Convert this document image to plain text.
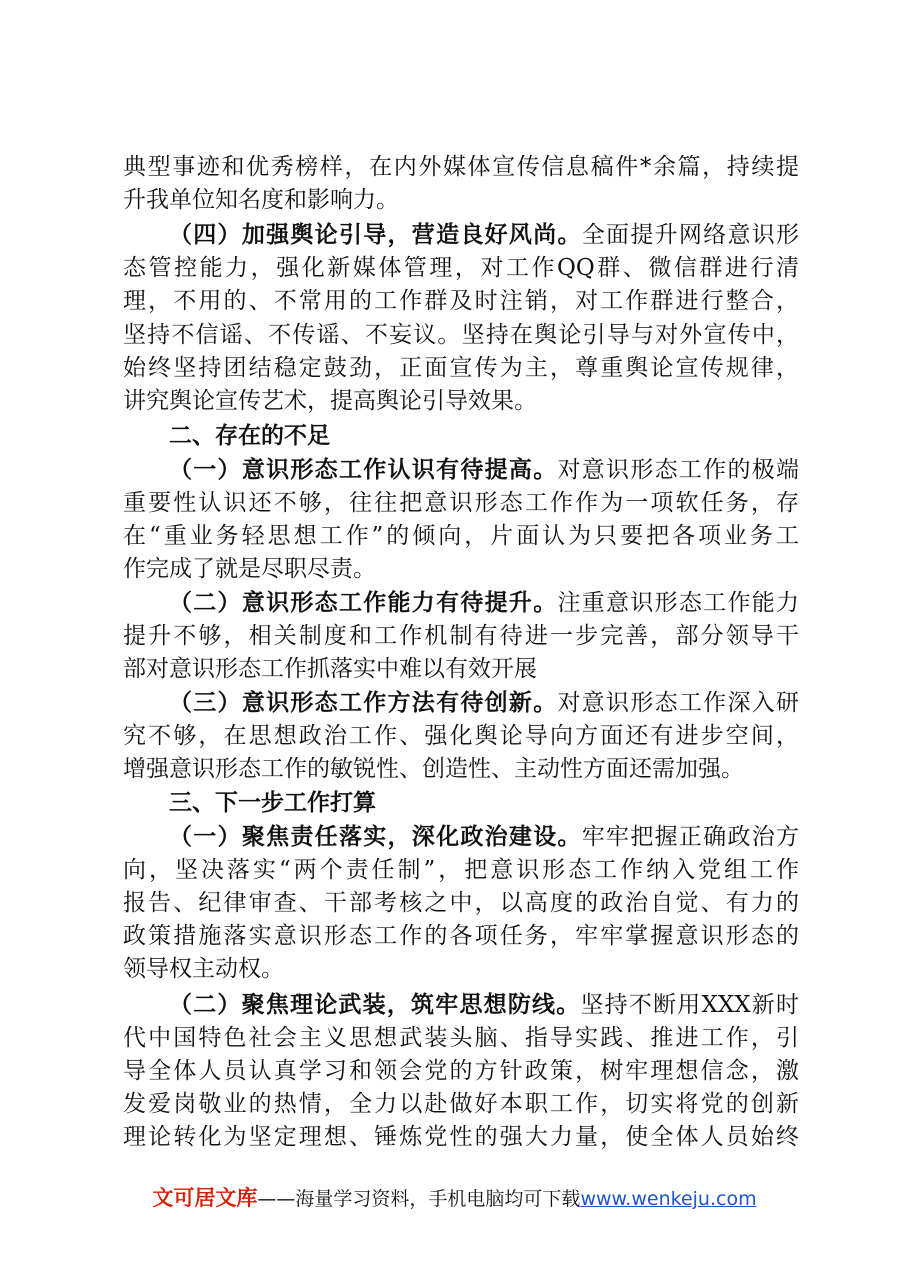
典型事迹和优秀榜样，在内外媒体宣传信息稿件*余篇，持续提
升我单位知名度和影响力。
（四）加强舆论引导，营造良好风尚。全面提升网络意识形
态管控能力，强化新媒体管理，对工作QQ群、微信群进行清
理，不用的、不常用的工作群及时注销，对工作群进行整合，
坚持不信谣、不传谣、不妄议。坚持在舆论引导与对外宣传中，
始终坚持团结稳定鼓劲，正面宣传为主，尊重舆论宣传规律，
讲究舆论宣传艺术，提高舆论引导效果。
二、存在的不足
（一）意识形态工作认识有待提高。对意识形态工作的极端
重要性认识还不够，往往把意识形态工作作为一项软任务，存
在“重业务轻思想工作”的倾向，片面认为只要把各项业务工
作完成了就是尽职尽责。
（二）意识形态工作能力有待提升。注重意识形态工作能力
提升不够，相关制度和工作机制有待进一步完善，部分领导干
部对意识形态工作抓落实中难以有效开展
（三）意识形态工作方法有待创新。对意识形态工作深入研
究不够，在思想政治工作、强化舆论导向方面还有进步空间，
增强意识形态工作的敏锐性、创造性、主动性方面还需加强。
三、下一步工作打算
（一）聚焦责任落实，深化政治建设。牢牢把握正确政治方
向，坚决落实“两个责任制”，把意识形态工作纳入党组工作
报告、纪律审查、干部考核之中，以高度的政治自觉、有力的
政策措施落实意识形态工作的各项任务，牢牢掌握意识形态的
领导权主动权。
（二）聚焦理论武装，筑牢思想防线。坚持不断用XXX新时
代中国特色社会主义思想武装头脑、指导实践、推进工作，引
导全体人员认真学习和领会党的方针政策，树牢理想信念，激
发爱岗敬业的热情，全力以赴做好本职工作，切实将党的创新
理论转化为坚定理想、锤炼党性的强大力量，使全体人员始终
文可居文库——海量学习资料，手机电脑均可下载www.wenkeju.com
